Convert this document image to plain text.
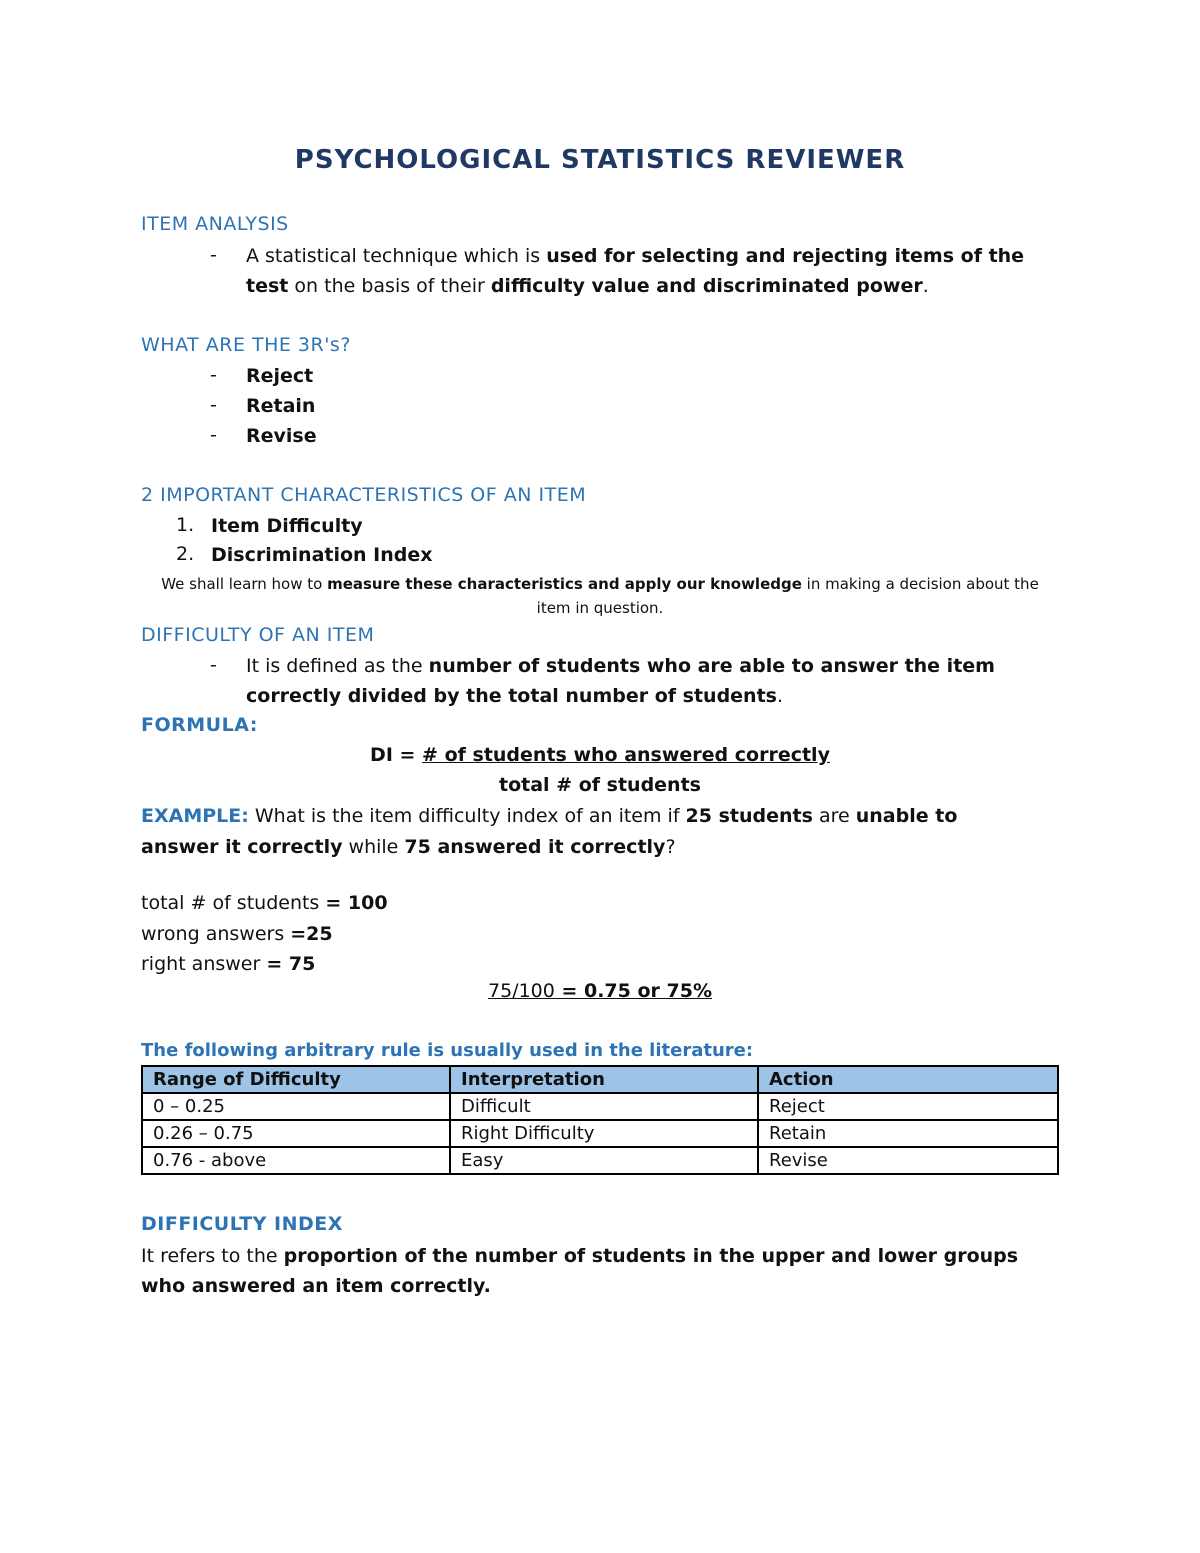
PSYCHOLOGICAL STATISTICS REVIEWER
ITEM ANALYSIS
- A statistical technique which is used for selecting and rejecting items of the
test on the basis of their difficulty value and discriminated power.
WHAT ARE THE 3R's?
- Reject
- Retain
- Revise
2 IMPORTANT CHARACTERISTICS OF AN ITEM
1. Item Difficulty
2. Discrimination Index
We shall learn how to measure these characteristics and apply our knowledge in making a decision about the
item in question.
DIFFICULTY OF AN ITEM
- It is defined as the number of students who are able to answer the item
correctly divided by the total number of students.
FORMULA:
DI = # of students who answered correctly
total # of students
EXAMPLE: What is the item difficulty index of an item if 25 students are unable to
answer it correctly while 75 answered it correctly?
total # of students = 100
wrong answers =25
right answer = 75
75/100 = 0.75 or 75%
The following arbitrary rule is usually used in the literature:
Range of Difficulty	Interpretation	Action
0 – 0.25	Difficult	Reject
0.26 – 0.75	Right Difficulty	Retain
0.76 - above	Easy	Revise
DIFFICULTY INDEX
It refers to the proportion of the number of students in the upper and lower groups
who answered an item correctly.
